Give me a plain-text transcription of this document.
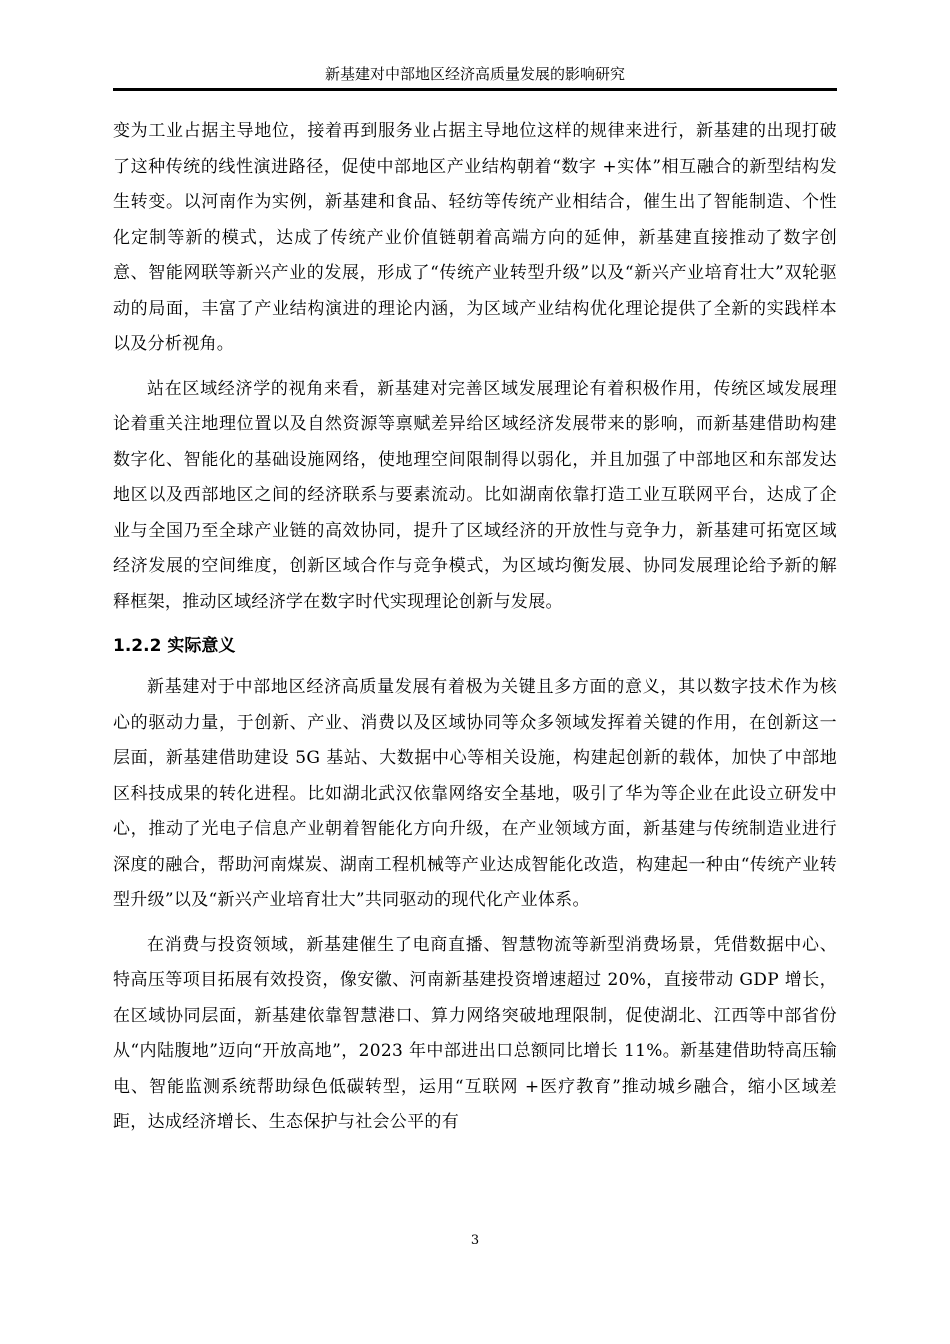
新基建对中部地区经济高质量发展的影响研究

变为工业占据主导地位，接着再到服务业占据主导地位这样的规律来进行，新基建的出现打破了这种传统的线性演进路径，促使中部地区产业结构朝着“数字 +实体”相互融合的新型结构发生转变。以河南作为实例，新基建和食品、轻纺等传统产业相结合，催生出了智能制造、个性化定制等新的模式，达成了传统产业价值链朝着高端方向的延伸，新基建直接推动了数字创意、智能网联等新兴产业的发展，形成了“传统产业转型升级”以及“新兴产业培育壮大”双轮驱动的局面，丰富了产业结构演进的理论内涵，为区域产业结构优化理论提供了全新的实践样本以及分析视角。

站在区域经济学的视角来看，新基建对完善区域发展理论有着积极作用，传统区域发展理论着重关注地理位置以及自然资源等禀赋差异给区域经济发展带来的影响，而新基建借助构建数字化、智能化的基础设施网络，使地理空间限制得以弱化，并且加强了中部地区和东部发达地区以及西部地区之间的经济联系与要素流动。比如湖南依靠打造工业互联网平台，达成了企业与全国乃至全球产业链的高效协同，提升了区域经济的开放性与竞争力，新基建可拓宽区域经济发展的空间维度，创新区域合作与竞争模式，为区域均衡发展、协同发展理论给予新的解释框架，推动区域经济学在数字时代实现理论创新与发展。

1.2.2 实际意义

新基建对于中部地区经济高质量发展有着极为关键且多方面的意义，其以数字技术作为核心的驱动力量，于创新、产业、消费以及区域协同等众多领域发挥着关键的作用，在创新这一层面，新基建借助建设 5G 基站、大数据中心等相关设施，构建起创新的载体，加快了中部地区科技成果的转化进程。比如湖北武汉依靠网络安全基地，吸引了华为等企业在此设立研发中心，推动了光电子信息产业朝着智能化方向升级，在产业领域方面，新基建与传统制造业进行深度的融合，帮助河南煤炭、湖南工程机械等产业达成智能化改造，构建起一种由“传统产业转型升级”以及“新兴产业培育壮大”共同驱动的现代化产业体系。

在消费与投资领域，新基建催生了电商直播、智慧物流等新型消费场景，凭借数据中心、特高压等项目拓展有效投资，像安徽、河南新基建投资增速超过 20%，直接带动 GDP 增长，在区域协同层面，新基建依靠智慧港口、算力网络突破地理限制，促使湖北、江西等中部省份从“内陆腹地”迈向“开放高地”，2023 年中部进出口总额同比增长 11%。新基建借助特高压输电、智能监测系统帮助绿色低碳转型，运用“互联网 +医疗教育”推动城乡融合，缩小区域差距，达成经济增长、生态保护与社会公平的有

3
